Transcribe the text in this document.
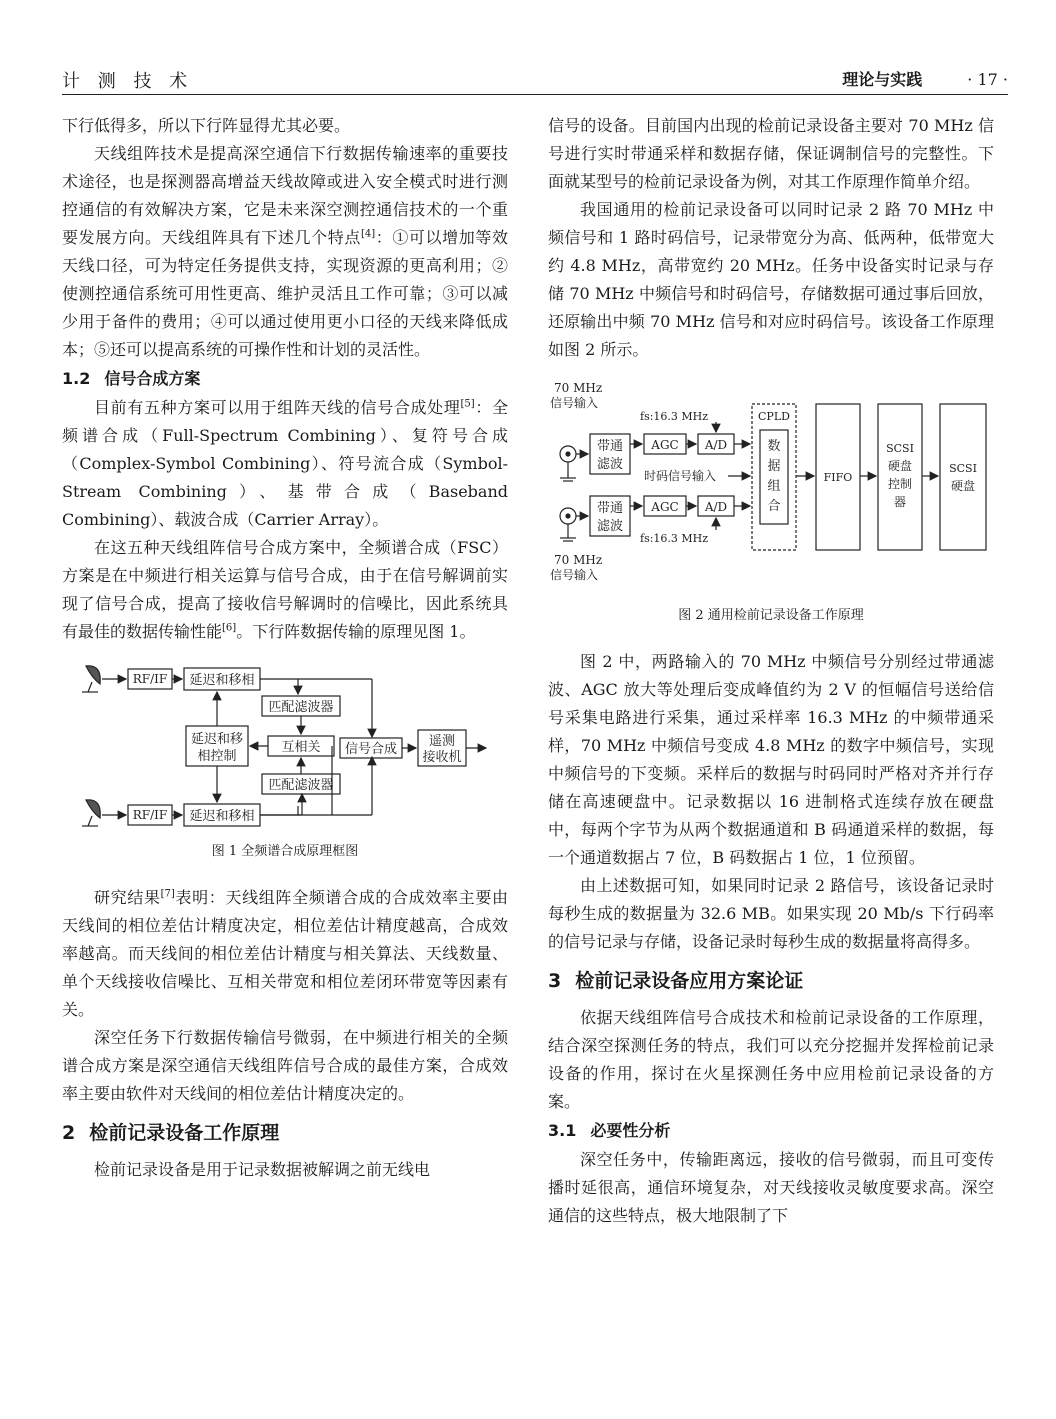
计 测 技 术	理论与实践	· 17 ·

下行低得多，所以下行阵显得尤其必要。

天线组阵技术是提高深空通信下行数据传输速率的重要技术途径，也是探测器高增益天线故障或进入安全模式时进行测控通信的有效解决方案，它是未来深空测控通信技术的一个重要发展方向。天线组阵具有下述几个特点[4]：①可以增加等效天线口径，可为特定任务提供支持，实现资源的更高利用；②使测控通信系统可用性更高、维护灵活且工作可靠；③可以减少用于备件的费用；④可以通过使用更小口径的天线来降低成本；⑤还可以提高系统的可操作性和计划的灵活性。

1.2 信号合成方案

目前有五种方案可以用于组阵天线的信号合成处理[5]：全频谱合成（Full-Spectrum Combining）、复符号合成（Complex-Symbol Combining）、符号流合成（Symbol-Stream Combining）、基带合成（Baseband Combining）、载波合成（Carrier Array）。

在这五种天线组阵信号合成方案中，全频谱合成（FSC）方案是在中频进行相关运算与信号合成，由于在信号解调前实现了信号合成，提高了接收信号解调时的信噪比，因此系统具有最佳的数据传输性能[6]。下行阵数据传输的原理见图 1。

RF/IF
RF/IF
延迟和移相
延迟和移相
匹配滤波器
匹配滤波器
延迟和移
相控制
互相关 信号合成
遥测
接收机
图 1 全频谱合成原理框图

研究结果[7]表明：天线组阵全频谱合成的合成效率主要由天线间的相位差估计精度决定，相位差估计精度越高，合成效率越高。而天线间的相位差估计精度与相关算法、天线数量、单个天线接收信噪比、互相关带宽和相位差闭环带宽等因素有关。

深空任务下行数据传输信号微弱，在中频进行相关的全频谱合成方案是深空通信天线组阵信号合成的最佳方案，合成效率主要由软件对天线间的相位差估计精度决定的。

2 检前记录设备工作原理

检前记录设备是用于记录数据被解调之前无线电

信号的设备。目前国内出现的检前记录设备主要对 70 MHz 信号进行实时带通采样和数据存储，保证调制信号的完整性。下面就某型号的检前记录设备为例，对其工作原理作简单介绍。

我国通用的检前记录设备可以同时记录 2 路 70 MHz 中频信号和 1 路时码信号，记录带宽分为高、低两种，低带宽大约 4.8 MHz，高带宽约 20 MHz。任务中设备实时记录与存储 70 MHz 中频信号和时码信号，存储数据可通过事后回放，还原输出中频 70 MHz 信号和对应时码信号。该设备工作原理如图 2 所示。

70 MHz
信号输入
70 MHz
信号输入
fs:16.3 MHz
fs:16.3 MHz
带通
滤波
带通
滤波
AGC
AGC
A/D
A/D
时码信号输入
CPLD
数
据
组
合
FIFO
SCSI
硬盘
控制
器
SCSI
硬盘
图 2 通用检前记录设备工作原理

图 2 中，两路输入的 70 MHz 中频信号分别经过带通滤波、AGC 放大等处理后变成峰值约为 2 V 的恒幅信号送给信号采集电路进行采集，通过采样率 16.3 MHz 的中频带通采样，70 MHz 中频信号变成 4.8 MHz 的数字中频信号，实现中频信号的下变频。采样后的数据与时码同时严格对齐并行存储在高速硬盘中。记录数据以 16 进制格式连续存放在硬盘中，每两个字节为从两个数据通道和 B 码通道采样的数据，每一个通道数据占 7 位，B 码数据占 1 位，1 位预留。

由上述数据可知，如果同时记录 2 路信号，该设备记录时每秒生成的数据量为 32.6 MB。如果实现 20 Mb/s 下行码率的信号记录与存储，设备记录时每秒生成的数据量将高得多。

3 检前记录设备应用方案论证

依据天线组阵信号合成技术和检前记录设备的工作原理，结合深空探测任务的特点，我们可以充分挖掘并发挥检前记录设备的作用，探讨在火星探测任务中应用检前记录设备的方案。

3.1 必要性分析

深空任务中，传输距离远，接收的信号微弱，而且可变传播时延很高，通信环境复杂，对天线接收灵敏度要求高。深空通信的这些特点，极大地限制了下
